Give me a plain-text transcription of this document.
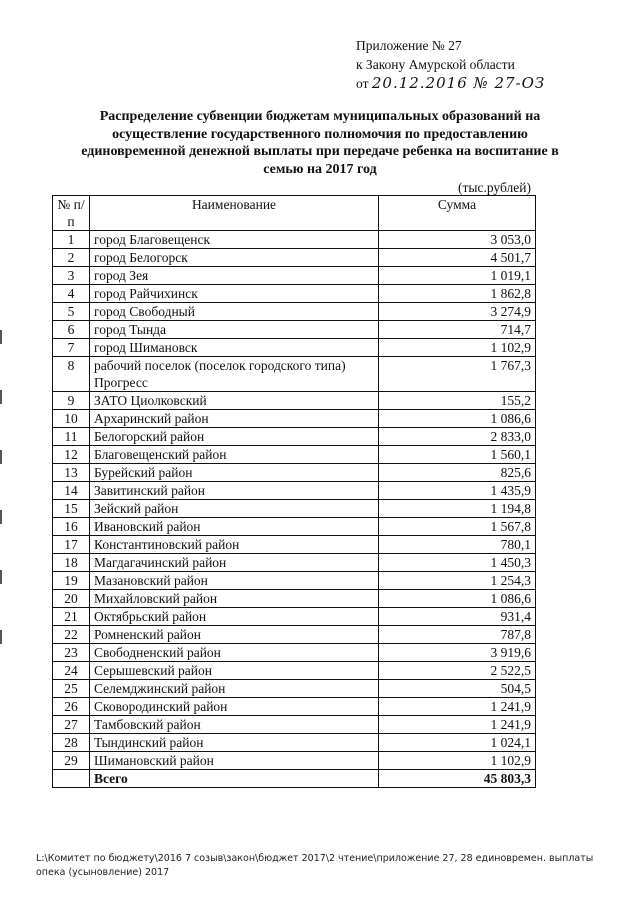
Приложение № 27
к Закону Амурской области
от 20.12.2016 № 27-ОЗ
Распределение субвенции бюджетам муниципальных образований на осуществление государственного полномочия по предоставлению единовременной денежной выплаты при передаче ребенка на воспитание в семью на 2017 год
(тыс.рублей)
№ п/п	Наименование	Сумма
1	город Благовещенск	3 053,0
2	город Белогорск	4 501,7
3	город Зея	1 019,1
4	город Райчихинск	1 862,8
5	город Свободный	3 274,9
6	город Тында	714,7
7	город Шимановск	1 102,9
8	рабочий поселок (поселок городского типа) Прогресс	1 767,3
9	ЗАТО Циолковский	155,2
10	Архаринский район	1 086,6
11	Белогорский район	2 833,0
12	Благовещенский район	1 560,1
13	Бурейский район	825,6
14	Завитинский район	1 435,9
15	Зейский район	1 194,8
16	Ивановский район	1 567,8
17	Константиновский район	780,1
18	Магдагачинский район	1 450,3
19	Мазановский район	1 254,3
20	Михайловский район	1 086,6
21	Октябрьский район	931,4
22	Ромненский район	787,8
23	Свободненский район	3 919,6
24	Серышевский район	2 522,5
25	Селемджинский район	504,5
26	Сковородинский район	1 241,9
27	Тамбовский район	1 241,9
28	Тындинский район	1 024,1
29	Шимановский район	1 102,9
	Всего	45 803,3
L:\Комитет по бюджету\2016 7 созыв\закон\бюджет 2017\2 чтение\приложение 27, 28 единовремен. выплаты опека (усыновление) 2017
